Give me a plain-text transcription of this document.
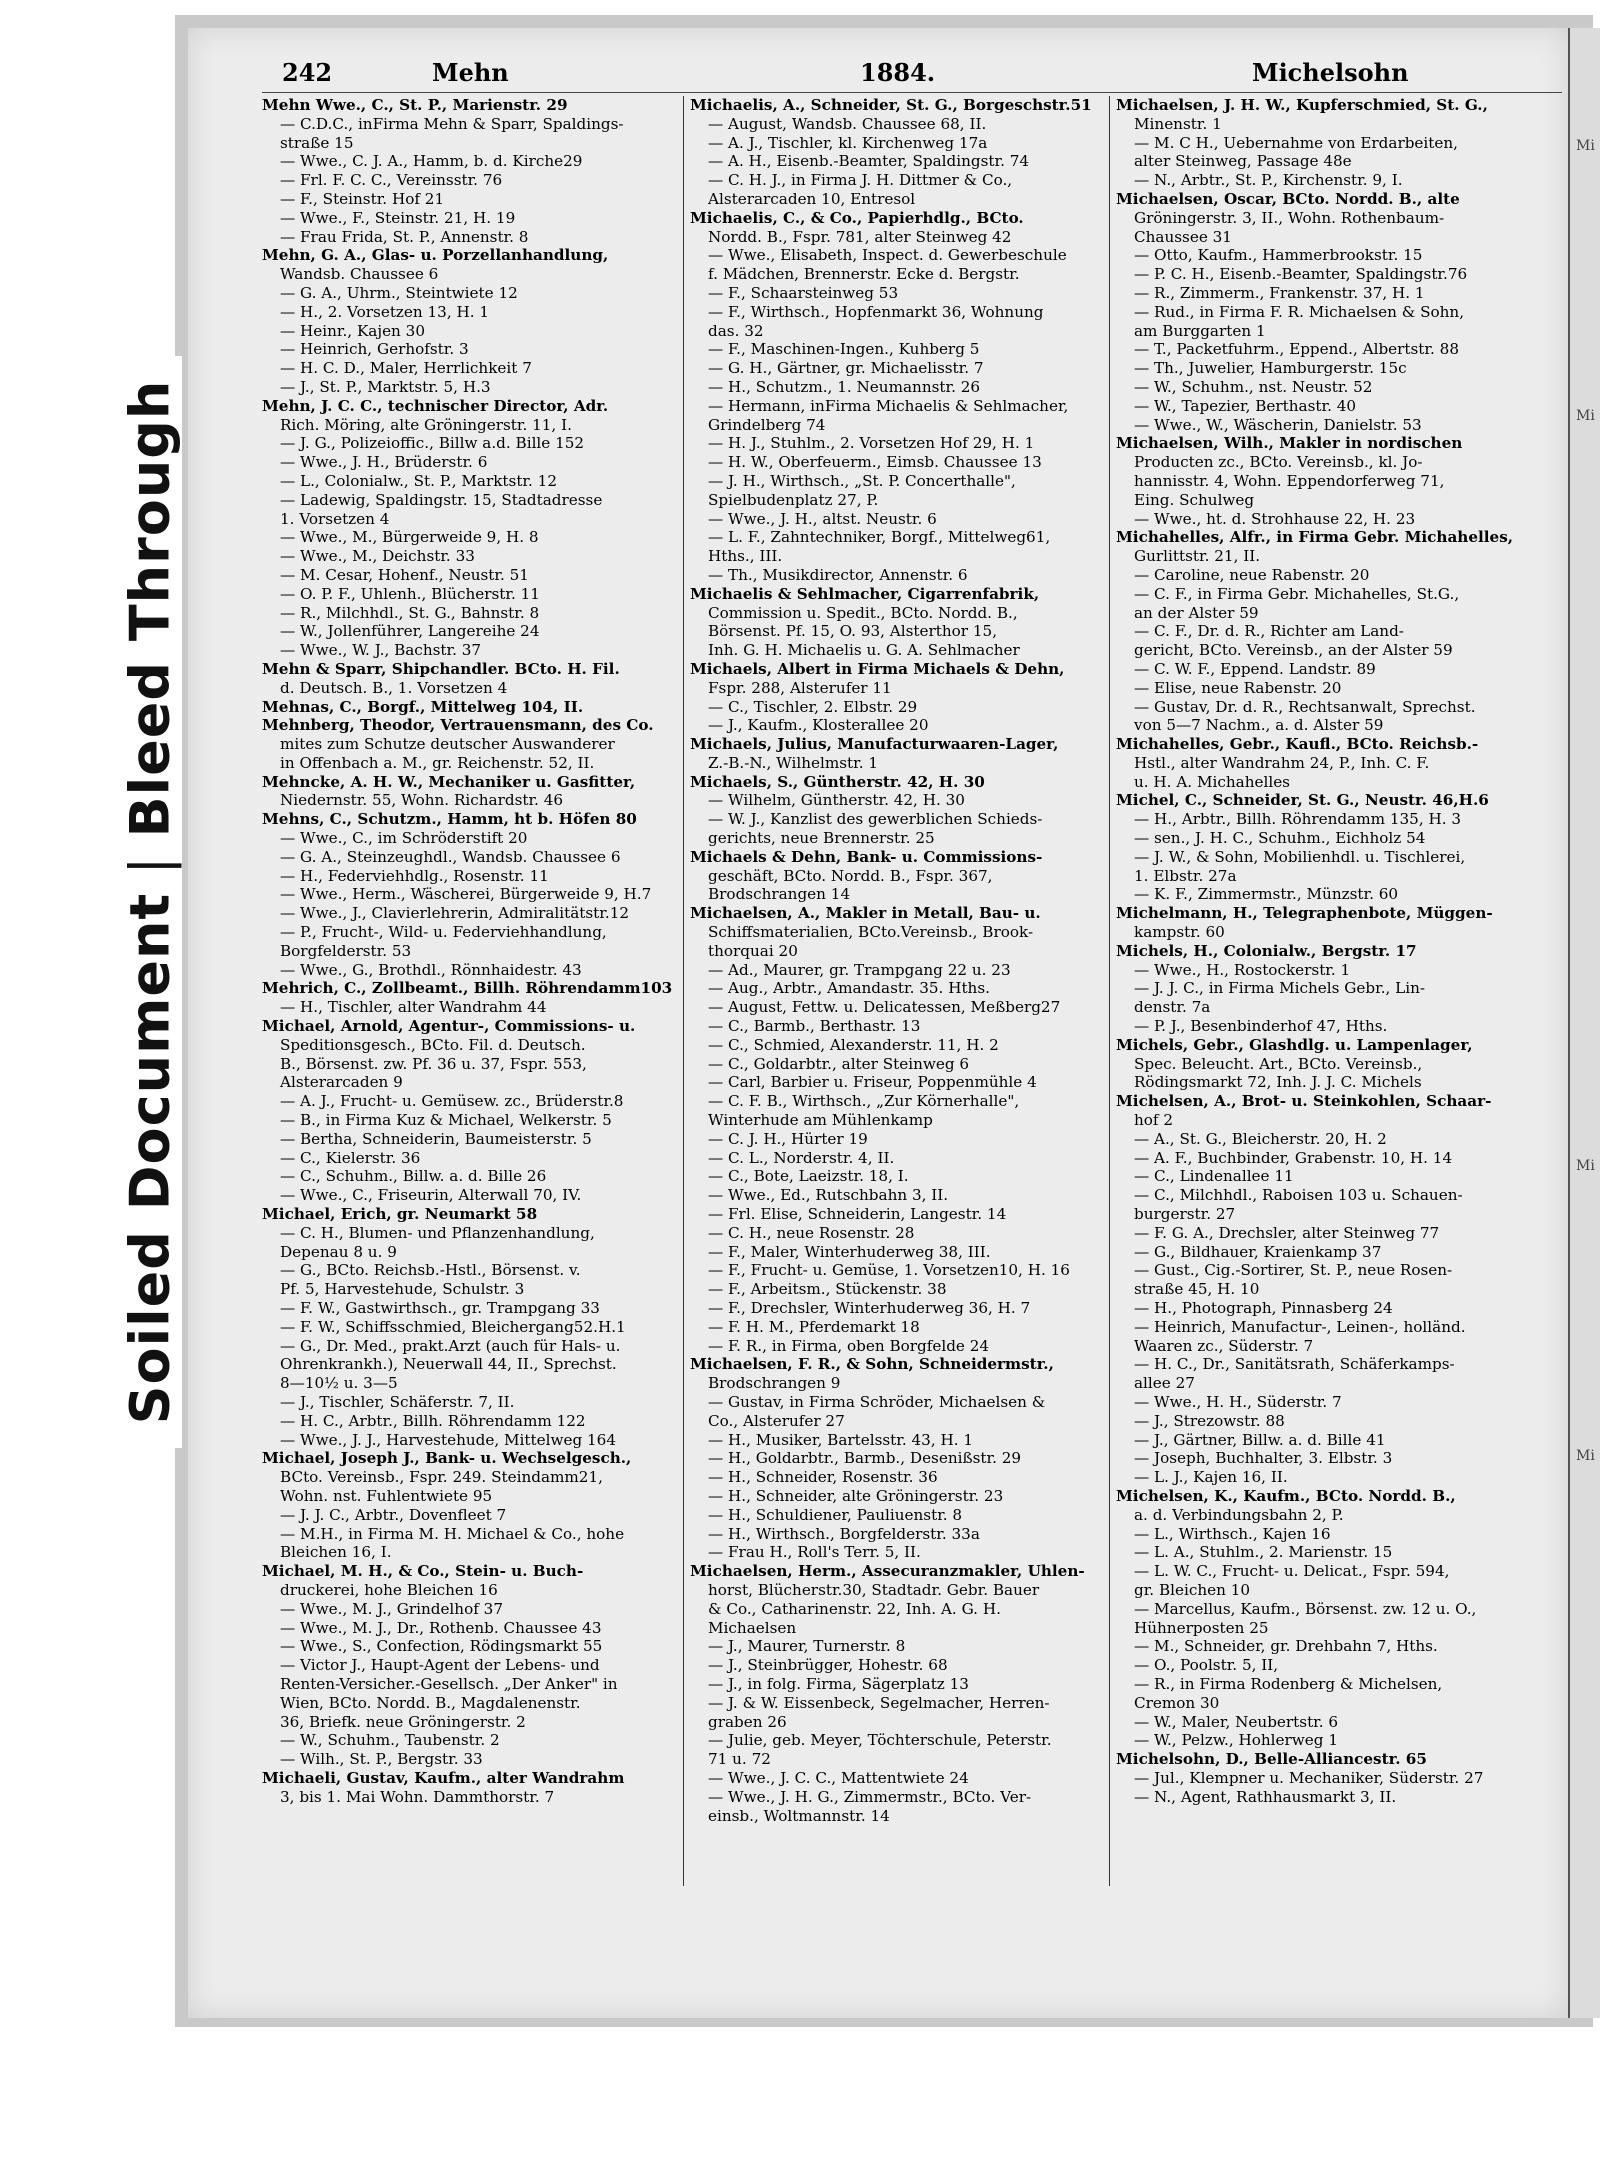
Mi
Mi
Mi
Mi
Soiled Document|Bleed Through
242	Mehn	1884.	Michelsohn
Mehn Wwe., C., St. P., Marienstr. 29
— C.D.C., inFirma Mehn & Sparr, Spaldings-
straße 15
— Wwe., C. J. A., Hamm, b. d. Kirche29
— Frl. F. C. C., Vereinsstr. 76
— F., Steinstr. Hof 21
— Wwe., F., Steinstr. 21, H. 19
— Frau Frida, St. P., Annenstr. 8
Mehn, G. A., Glas- u. Porzellanhandlung,
Wandsb. Chaussee 6
— G. A., Uhrm., Steintwiete 12
— H., 2. Vorsetzen 13, H. 1
— Heinr., Kajen 30
— Heinrich, Gerhofstr. 3
— H. C. D., Maler, Herrlichkeit 7
— J., St. P., Marktstr. 5, H.3
Mehn, J. C. C., technischer Director, Adr.
Rich. Möring, alte Gröningerstr. 11, I.
— J. G., Polizeioffic., Billw a.d. Bille 152
— Wwe., J. H., Brüderstr. 6
— L., Colonialw., St. P., Marktstr. 12
— Ladewig, Spaldingstr. 15, Stadtadresse
1. Vorsetzen 4
— Wwe., M., Bürgerweide 9, H. 8
— Wwe., M., Deichstr. 33
— M. Cesar, Hohenf., Neustr. 51
— O. P. F., Uhlenh., Blücherstr. 11
— R., Milchhdl., St. G., Bahnstr. 8
— W., Jollenführer, Langereihe 24
— Wwe., W. J., Bachstr. 37
Mehn & Sparr, Shipchandler. BCto. H. Fil.
d. Deutsch. B., 1. Vorsetzen 4
Mehnas, C., Borgf., Mittelweg 104, II.
Mehnberg, Theodor, Vertrauensmann, des Co.
mites zum Schutze deutscher Auswanderer
in Offenbach a. M., gr. Reichenstr. 52, II.
Mehncke, A. H. W., Mechaniker u. Gasfitter,
Niedernstr. 55, Wohn. Richardstr. 46
Mehns, C., Schutzm., Hamm, ht b. Höfen 80
— Wwe., C., im Schröderstift 20
— G. A., Steinzeughdl., Wandsb. Chaussee 6
— H., Federviehhdlg., Rosenstr. 11
— Wwe., Herm., Wäscherei, Bürgerweide 9, H.7
— Wwe., J., Clavierlehrerin, Admiralitätstr.12
— P., Frucht-, Wild- u. Federviehhandlung,
Borgfelderstr. 53
— Wwe., G., Brothdl., Rönnhaidestr. 43
Mehrich, C., Zollbeamt., Billh. Röhrendamm103
— H., Tischler, alter Wandrahm 44
Michael, Arnold, Agentur-, Commissions- u.
Speditionsgesch., BCto. Fil. d. Deutsch.
B., Börsenst. zw. Pf. 36 u. 37, Fspr. 553,
Alsterarcaden 9
— A. J., Frucht- u. Gemüsew. zc., Brüderstr.8
— B., in Firma Kuz & Michael, Welkerstr. 5
— Bertha, Schneiderin, Baumeisterstr. 5
— C., Kielerstr. 36
— C., Schuhm., Billw. a. d. Bille 26
— Wwe., C., Friseurin, Alterwall 70, IV.
Michael, Erich, gr. Neumarkt 58
— C. H., Blumen- und Pflanzenhandlung,
Depenau 8 u. 9
— G., BCto. Reichsb.-Hstl., Börsenst. v.
Pf. 5, Harvestehude, Schulstr. 3
— F. W., Gastwirthsch., gr. Trampgang 33
— F. W., Schiffsschmied, Bleichergang52.H.1
— G., Dr. Med., prakt.Arzt (auch für Hals- u.
Ohrenkrankh.), Neuerwall 44, II., Sprechst.
8—10½ u. 3—5
— J., Tischler, Schäferstr. 7, II.
— H. C., Arbtr., Billh. Röhrendamm 122
— Wwe., J. J., Harvestehude, Mittelweg 164
Michael, Joseph J., Bank- u. Wechselgesch.,
BCto. Vereinsb., Fspr. 249. Steindamm21,
Wohn. nst. Fuhlentwiete 95
— J. J. C., Arbtr., Dovenfleet 7
— M.H., in Firma M. H. Michael & Co., hohe
Bleichen 16, I.
Michael, M. H., & Co., Stein- u. Buch-
druckerei, hohe Bleichen 16
— Wwe., M. J., Grindelhof 37
— Wwe., M. J., Dr., Rothenb. Chaussee 43
— Wwe., S., Confection, Rödingsmarkt 55
— Victor J., Haupt-Agent der Lebens- und
Renten-Versicher.-Gesellsch. „Der Anker" in
Wien, BCto. Nordd. B., Magdalenenstr.
36, Briefk. neue Gröningerstr. 2
— W., Schuhm., Taubenstr. 2
— Wilh., St. P., Bergstr. 33
Michaeli, Gustav, Kaufm., alter Wandrahm
3, bis 1. Mai Wohn. Dammthorstr. 7
Michaelis, A., Schneider, St. G., Borgeschstr.51
— August, Wandsb. Chaussee 68, II.
— A. J., Tischler, kl. Kirchenweg 17a
— A. H., Eisenb.-Beamter, Spaldingstr. 74
— C. H. J., in Firma J. H. Dittmer & Co.,
Alsterarcaden 10, Entresol
Michaelis, C., & Co., Papierhdlg., BCto.
Nordd. B., Fspr. 781, alter Steinweg 42
— Wwe., Elisabeth, Inspect. d. Gewerbeschule
f. Mädchen, Brennerstr. Ecke d. Bergstr.
— F., Schaarsteinweg 53
— F., Wirthsch., Hopfenmarkt 36, Wohnung
das. 32
— F., Maschinen-Ingen., Kuhberg 5
— G. H., Gärtner, gr. Michaelisstr. 7
— H., Schutzm., 1. Neumannstr. 26
— Hermann, inFirma Michaelis & Sehlmacher,
Grindelberg 74
— H. J., Stuhlm., 2. Vorsetzen Hof 29, H. 1
— H. W., Oberfeuerm., Eimsb. Chaussee 13
— J. H., Wirthsch., „St. P. Concerthalle",
Spielbudenplatz 27, P.
— Wwe., J. H., altst. Neustr. 6
— L. F., Zahntechniker, Borgf., Mittelweg61,
Hths., III.
— Th., Musikdirector, Annenstr. 6
Michaelis & Sehlmacher, Cigarrenfabrik,
Commission u. Spedit., BCto. Nordd. B.,
Börsenst. Pf. 15, O. 93, Alsterthor 15,
Inh. G. H. Michaelis u. G. A. Sehlmacher
Michaels, Albert in Firma Michaels & Dehn,
Fspr. 288, Alsterufer 11
— C., Tischler, 2. Elbstr. 29
— J., Kaufm., Klosterallee 20
Michaels, Julius, Manufacturwaaren-Lager,
Z.-B.-N., Wilhelmstr. 1
Michaels, S., Güntherstr. 42, H. 30
— Wilhelm, Güntherstr. 42, H. 30
— W. J., Kanzlist des gewerblichen Schieds-
gerichts, neue Brennerstr. 25
Michaels & Dehn, Bank- u. Commissions-
geschäft, BCto. Nordd. B., Fspr. 367,
Brodschrangen 14
Michaelsen, A., Makler in Metall, Bau- u.
Schiffsmaterialien, BCto.Vereinsb., Brook-
thorquai 20
— Ad., Maurer, gr. Trampgang 22 u. 23
— Aug., Arbtr., Amandastr. 35. Hths.
— August, Fettw. u. Delicatessen, Meßberg27
— C., Barmb., Berthastr. 13
— C., Schmied, Alexanderstr. 11, H. 2
— C., Goldarbtr., alter Steinweg 6
— Carl, Barbier u. Friseur, Poppenmühle 4
— C. F. B., Wirthsch., „Zur Körnerhalle",
Winterhude am Mühlenkamp
— C. J. H., Hürter 19
— C. L., Norderstr. 4, II.
— C., Bote, Laeizstr. 18, I.
— Wwe., Ed., Rutschbahn 3, II.
— Frl. Elise, Schneiderin, Langestr. 14
— C. H., neue Rosenstr. 28
— F., Maler, Winterhuderweg 38, III.
— F., Frucht- u. Gemüse, 1. Vorsetzen10, H. 16
— F., Arbeitsm., Stückenstr. 38
— F., Drechsler, Winterhuderweg 36, H. 7
— F. H. M., Pferdemarkt 18
— F. R., in Firma, oben Borgfelde 24
Michaelsen, F. R., & Sohn, Schneidermstr.,
Brodschrangen 9
— Gustav, in Firma Schröder, Michaelsen &
Co., Alsterufer 27
— H., Musiker, Bartelsstr. 43, H. 1
— H., Goldarbtr., Barmb., Desenißstr. 29
— H., Schneider, Rosenstr. 36
— H., Schneider, alte Gröningerstr. 23
— H., Schuldiener, Pauliuenstr. 8
— H., Wirthsch., Borgfelderstr. 33a
— Frau H., Roll's Terr. 5, II.
Michaelsen, Herm., Assecuranzmakler, Uhlen-
horst, Blücherstr.30, Stadtadr. Gebr. Bauer
& Co., Catharinenstr. 22, Inh. A. G. H.
Michaelsen
— J., Maurer, Turnerstr. 8
— J., Steinbrügger, Hohestr. 68
— J., in folg. Firma, Sägerplatz 13
— J. & W. Eissenbeck, Segelmacher, Herren-
graben 26
— Julie, geb. Meyer, Töchterschule, Peterstr.
71 u. 72
— Wwe., J. C. C., Mattentwiete 24
— Wwe., J. H. G., Zimmermstr., BCto. Ver-
einsb., Woltmannstr. 14
Michaelsen, J. H. W., Kupferschmied, St. G.,
Minenstr. 1
— M. C H., Uebernahme von Erdarbeiten,
alter Steinweg, Passage 48e
— N., Arbtr., St. P., Kirchenstr. 9, I.
Michaelsen, Oscar, BCto. Nordd. B., alte
Gröningerstr. 3, II., Wohn. Rothenbaum-
Chaussee 31
— Otto, Kaufm., Hammerbrookstr. 15
— P. C. H., Eisenb.-Beamter, Spaldingstr.76
— R., Zimmerm., Frankenstr. 37, H. 1
— Rud., in Firma F. R. Michaelsen & Sohn,
am Burggarten 1
— T., Packetfuhrm., Eppend., Albertstr. 88
— Th., Juwelier, Hamburgerstr. 15c
— W., Schuhm., nst. Neustr. 52
— W., Tapezier, Berthastr. 40
— Wwe., W., Wäscherin, Danielstr. 53
Michaelsen, Wilh., Makler in nordischen
Producten zc., BCto. Vereinsb., kl. Jo-
hannisstr. 4, Wohn. Eppendorferweg 71,
Eing. Schulweg
— Wwe., ht. d. Strohhause 22, H. 23
Michahelles, Alfr., in Firma Gebr. Michahelles,
Gurlittstr. 21, II.
— Caroline, neue Rabenstr. 20
— C. F., in Firma Gebr. Michahelles, St.G.,
an der Alster 59
— C. F., Dr. d. R., Richter am Land-
gericht, BCto. Vereinsb., an der Alster 59
— C. W. F., Eppend. Landstr. 89
— Elise, neue Rabenstr. 20
— Gustav, Dr. d. R., Rechtsanwalt, Sprechst.
von 5—7 Nachm., a. d. Alster 59
Michahelles, Gebr., Kaufl., BCto. Reichsb.-
Hstl., alter Wandrahm 24, P., Inh. C. F.
u. H. A. Michahelles
Michel, C., Schneider, St. G., Neustr. 46,H.6
— H., Arbtr., Billh. Röhrendamm 135, H. 3
— sen., J. H. C., Schuhm., Eichholz 54
— J. W., & Sohn, Mobilienhdl. u. Tischlerei,
1. Elbstr. 27a
— K. F., Zimmermstr., Münzstr. 60
Michelmann, H., Telegraphenbote, Müggen-
kampstr. 60
Michels, H., Colonialw., Bergstr. 17
— Wwe., H., Rostockerstr. 1
— J. J. C., in Firma Michels Gebr., Lin-
denstr. 7a
— P. J., Besenbinderhof 47, Hths.
Michels, Gebr., Glashdlg. u. Lampenlager,
Spec. Beleucht. Art., BCto. Vereinsb.,
Rödingsmarkt 72, Inh. J. J. C. Michels
Michelsen, A., Brot- u. Steinkohlen, Schaar-
hof 2
— A., St. G., Bleicherstr. 20, H. 2
— A. F., Buchbinder, Grabenstr. 10, H. 14
— C., Lindenallee 11
— C., Milchhdl., Raboisen 103 u. Schauen-
burgerstr. 27
— F. G. A., Drechsler, alter Steinweg 77
— G., Bildhauer, Kraienkamp 37
— Gust., Cig.-Sortirer, St. P., neue Rosen-
straße 45, H. 10
— H., Photograph, Pinnasberg 24
— Heinrich, Manufactur-, Leinen-, holländ.
Waaren zc., Süderstr. 7
— H. C., Dr., Sanitätsrath, Schäferkamps-
allee 27
— Wwe., H. H., Süderstr. 7
— J., Strezowstr. 88
— J., Gärtner, Billw. a. d. Bille 41
— Joseph, Buchhalter, 3. Elbstr. 3
— L. J., Kajen 16, II.
Michelsen, K., Kaufm., BCto. Nordd. B.,
a. d. Verbindungsbahn 2, P.
— L., Wirthsch., Kajen 16
— L. A., Stuhlm., 2. Marienstr. 15
— L. W. C., Frucht- u. Delicat., Fspr. 594,
gr. Bleichen 10
— Marcellus, Kaufm., Börsenst. zw. 12 u. O.,
Hühnerposten 25
— M., Schneider, gr. Drehbahn 7, Hths.
— O., Poolstr. 5, II,
— R., in Firma Rodenberg & Michelsen,
Cremon 30
— W., Maler, Neubertstr. 6
— W., Pelzw., Hohlerweg 1
Michelsohn, D., Belle-Alliancestr. 65
— Jul., Klempner u. Mechaniker, Süderstr. 27
— N., Agent, Rathhausmarkt 3, II.
